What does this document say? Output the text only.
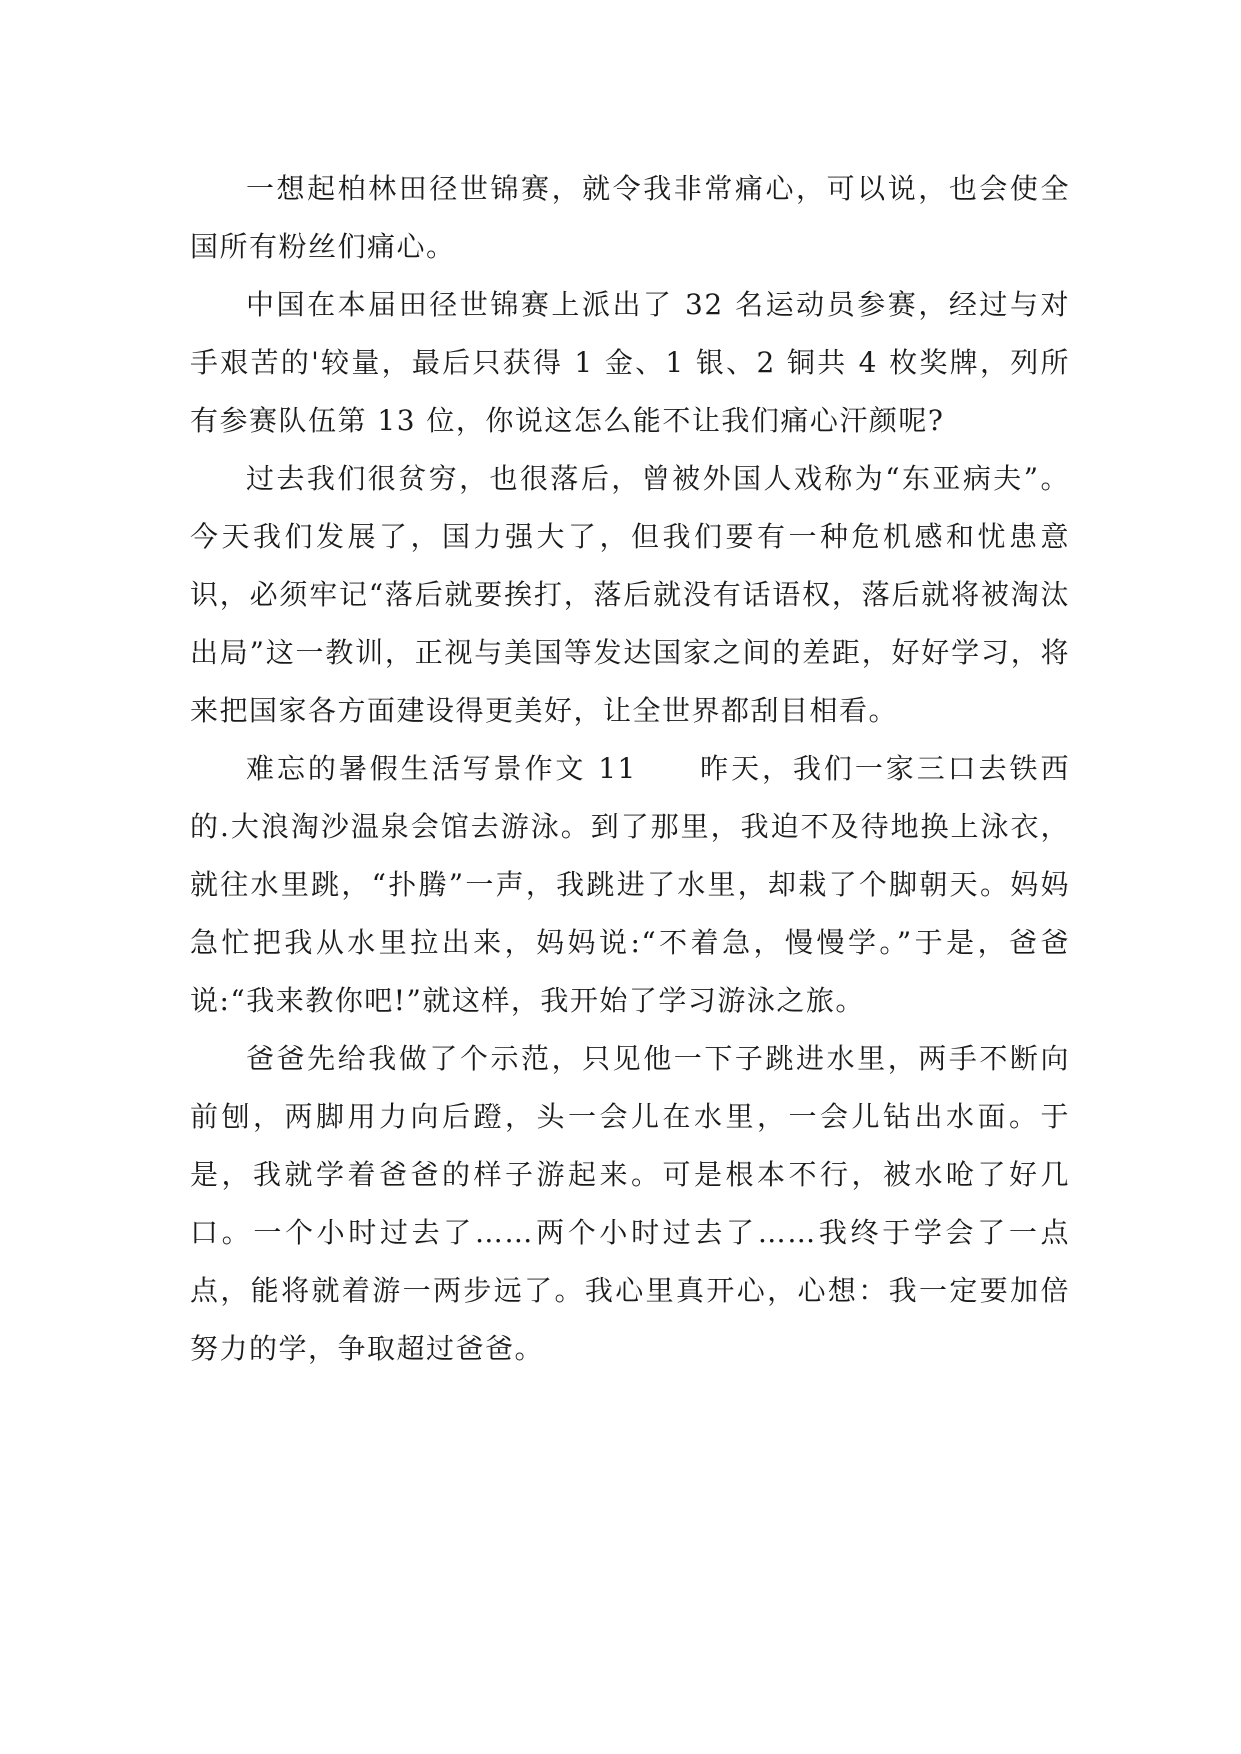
一想起柏林田径世锦赛，就令我非常痛心，可以说，也会使全国所有粉丝们痛心。

中国在本届田径世锦赛上派出了 32 名运动员参赛，经过与对手艰苦的'较量，最后只获得 1 金、1 银、2 铜共 4 枚奖牌，列所有参赛队伍第 13 位，你说这怎么能不让我们痛心汗颜呢?

过去我们很贫穷，也很落后，曾被外国人戏称为“东亚病夫”。今天我们发展了，国力强大了，但我们要有一种危机感和忧患意识，必须牢记“落后就要挨打，落后就没有话语权，落后就将被淘汰出局”这一教训，正视与美国等发达国家之间的差距，好好学习，将来把国家各方面建设得更美好，让全世界都刮目相看。

难忘的暑假生活写景作文 11　　昨天，我们一家三口去铁西的.大浪淘沙温泉会馆去游泳。到了那里，我迫不及待地换上泳衣，就往水里跳，“扑腾”一声，我跳进了水里，却栽了个脚朝天。妈妈急忙把我从水里拉出来，妈妈说:“不着急，慢慢学。”于是，爸爸说:“我来教你吧!”就这样，我开始了学习游泳之旅。

爸爸先给我做了个示范，只见他一下子跳进水里，两手不断向前刨，两脚用力向后蹬，头一会儿在水里，一会儿钻出水面。于是，我就学着爸爸的样子游起来。可是根本不行，被水呛了好几口。一个小时过去了……两个小时过去了……我终于学会了一点点，能将就着游一两步远了。我心里真开心，心想：我一定要加倍努力的学，争取超过爸爸。
